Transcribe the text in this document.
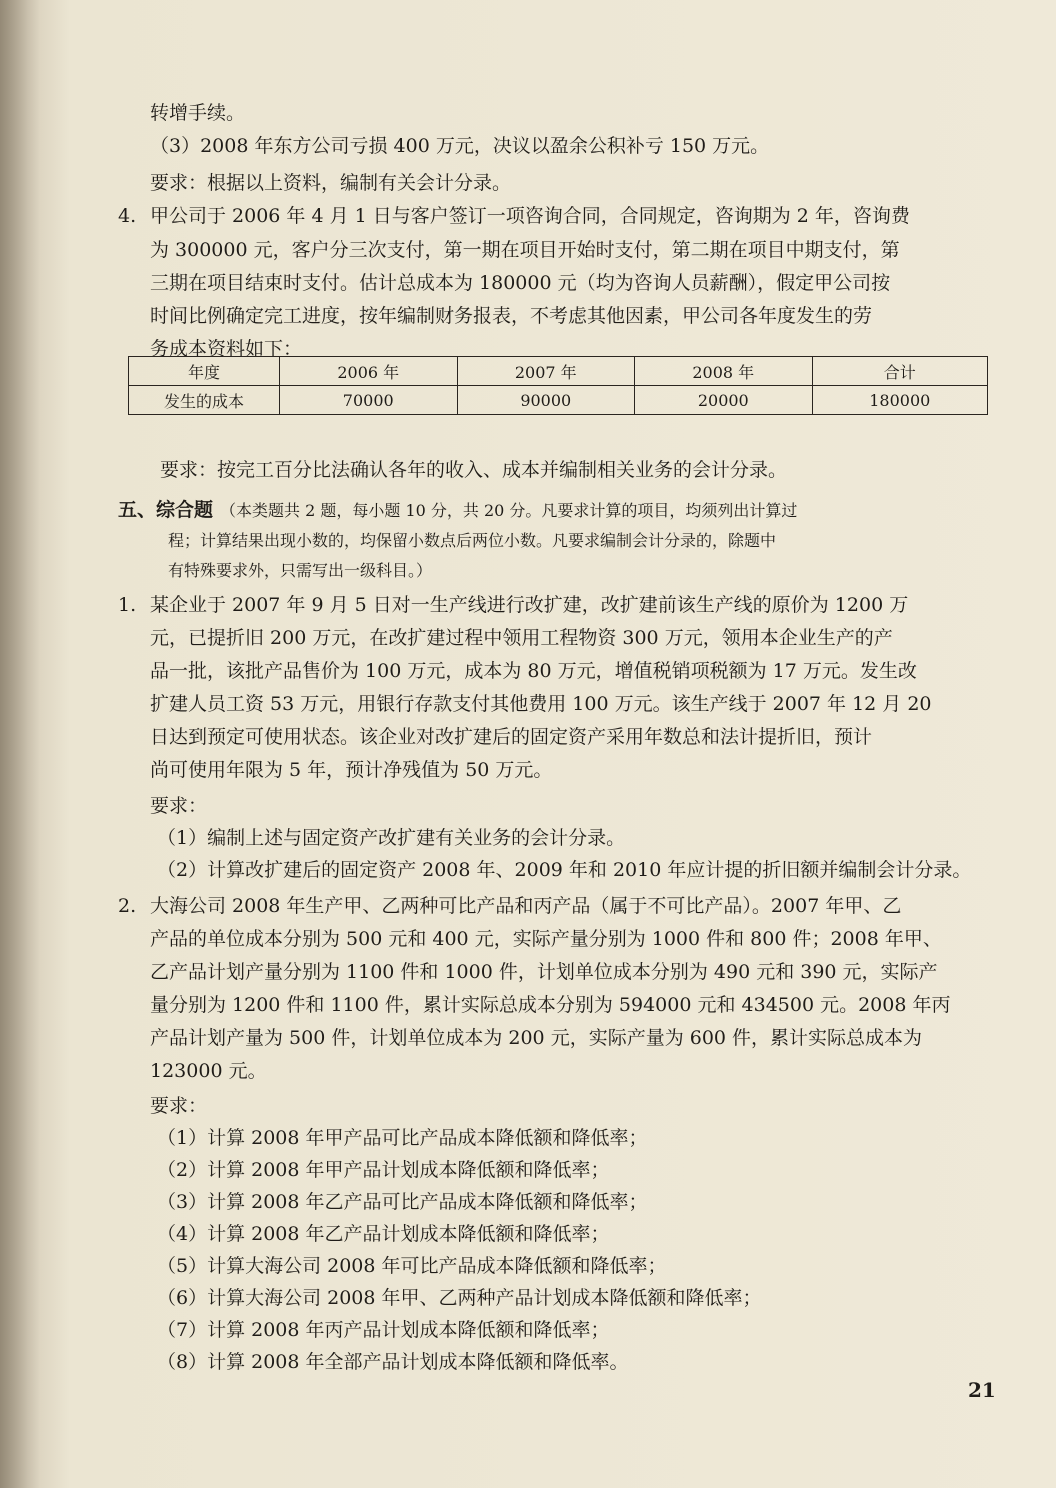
转增手续。
（3）2008 年东方公司亏损 400 万元，决议以盈余公积补亏 150 万元。
要求：根据以上资料，编制有关会计分录。
4. 甲公司于 2006 年 4 月 1 日与客户签订一项咨询合同，合同规定，咨询期为 2 年，咨询费
为 300000 元，客户分三次支付，第一期在项目开始时支付，第二期在项目中期支付，第
三期在项目结束时支付。估计总成本为 180000 元（均为咨询人员薪酬），假定甲公司按
时间比例确定完工进度，按年编制财务报表，不考虑其他因素，甲公司各年度发生的劳
务成本资料如下：
年度	2006 年	2007 年	2008 年	合计
发生的成本	70000	90000	20000	180000
要求：按完工百分比法确认各年的收入、成本并编制相关业务的会计分录。
五、综合题 （本类题共 2 题，每小题 10 分，共 20 分。凡要求计算的项目，均须列出计算过
程；计算结果出现小数的，均保留小数点后两位小数。凡要求编制会计分录的，除题中
有特殊要求外，只需写出一级科目。）
1. 某企业于 2007 年 9 月 5 日对一生产线进行改扩建，改扩建前该生产线的原价为 1200 万
元，已提折旧 200 万元，在改扩建过程中领用工程物资 300 万元，领用本企业生产的产
品一批，该批产品售价为 100 万元，成本为 80 万元，增值税销项税额为 17 万元。发生改
扩建人员工资 53 万元，用银行存款支付其他费用 100 万元。该生产线于 2007 年 12 月 20
日达到预定可使用状态。该企业对改扩建后的固定资产采用年数总和法计提折旧，预计
尚可使用年限为 5 年，预计净残值为 50 万元。
要求：
（1）编制上述与固定资产改扩建有关业务的会计分录。
（2）计算改扩建后的固定资产 2008 年、2009 年和 2010 年应计提的折旧额并编制会计分录。
2. 大海公司 2008 年生产甲、乙两种可比产品和丙产品（属于不可比产品）。2007 年甲、乙
产品的单位成本分别为 500 元和 400 元，实际产量分别为 1000 件和 800 件；2008 年甲、
乙产品计划产量分别为 1100 件和 1000 件，计划单位成本分别为 490 元和 390 元，实际产
量分别为 1200 件和 1100 件，累计实际总成本分别为 594000 元和 434500 元。2008 年丙
产品计划产量为 500 件，计划单位成本为 200 元，实际产量为 600 件，累计实际总成本为
123000 元。
要求：
（1）计算 2008 年甲产品可比产品成本降低额和降低率；
（2）计算 2008 年甲产品计划成本降低额和降低率；
（3）计算 2008 年乙产品可比产品成本降低额和降低率；
（4）计算 2008 年乙产品计划成本降低额和降低率；
（5）计算大海公司 2008 年可比产品成本降低额和降低率；
（6）计算大海公司 2008 年甲、乙两种产品计划成本降低额和降低率；
（7）计算 2008 年丙产品计划成本降低额和降低率；
（8）计算 2008 年全部产品计划成本降低额和降低率。
21
